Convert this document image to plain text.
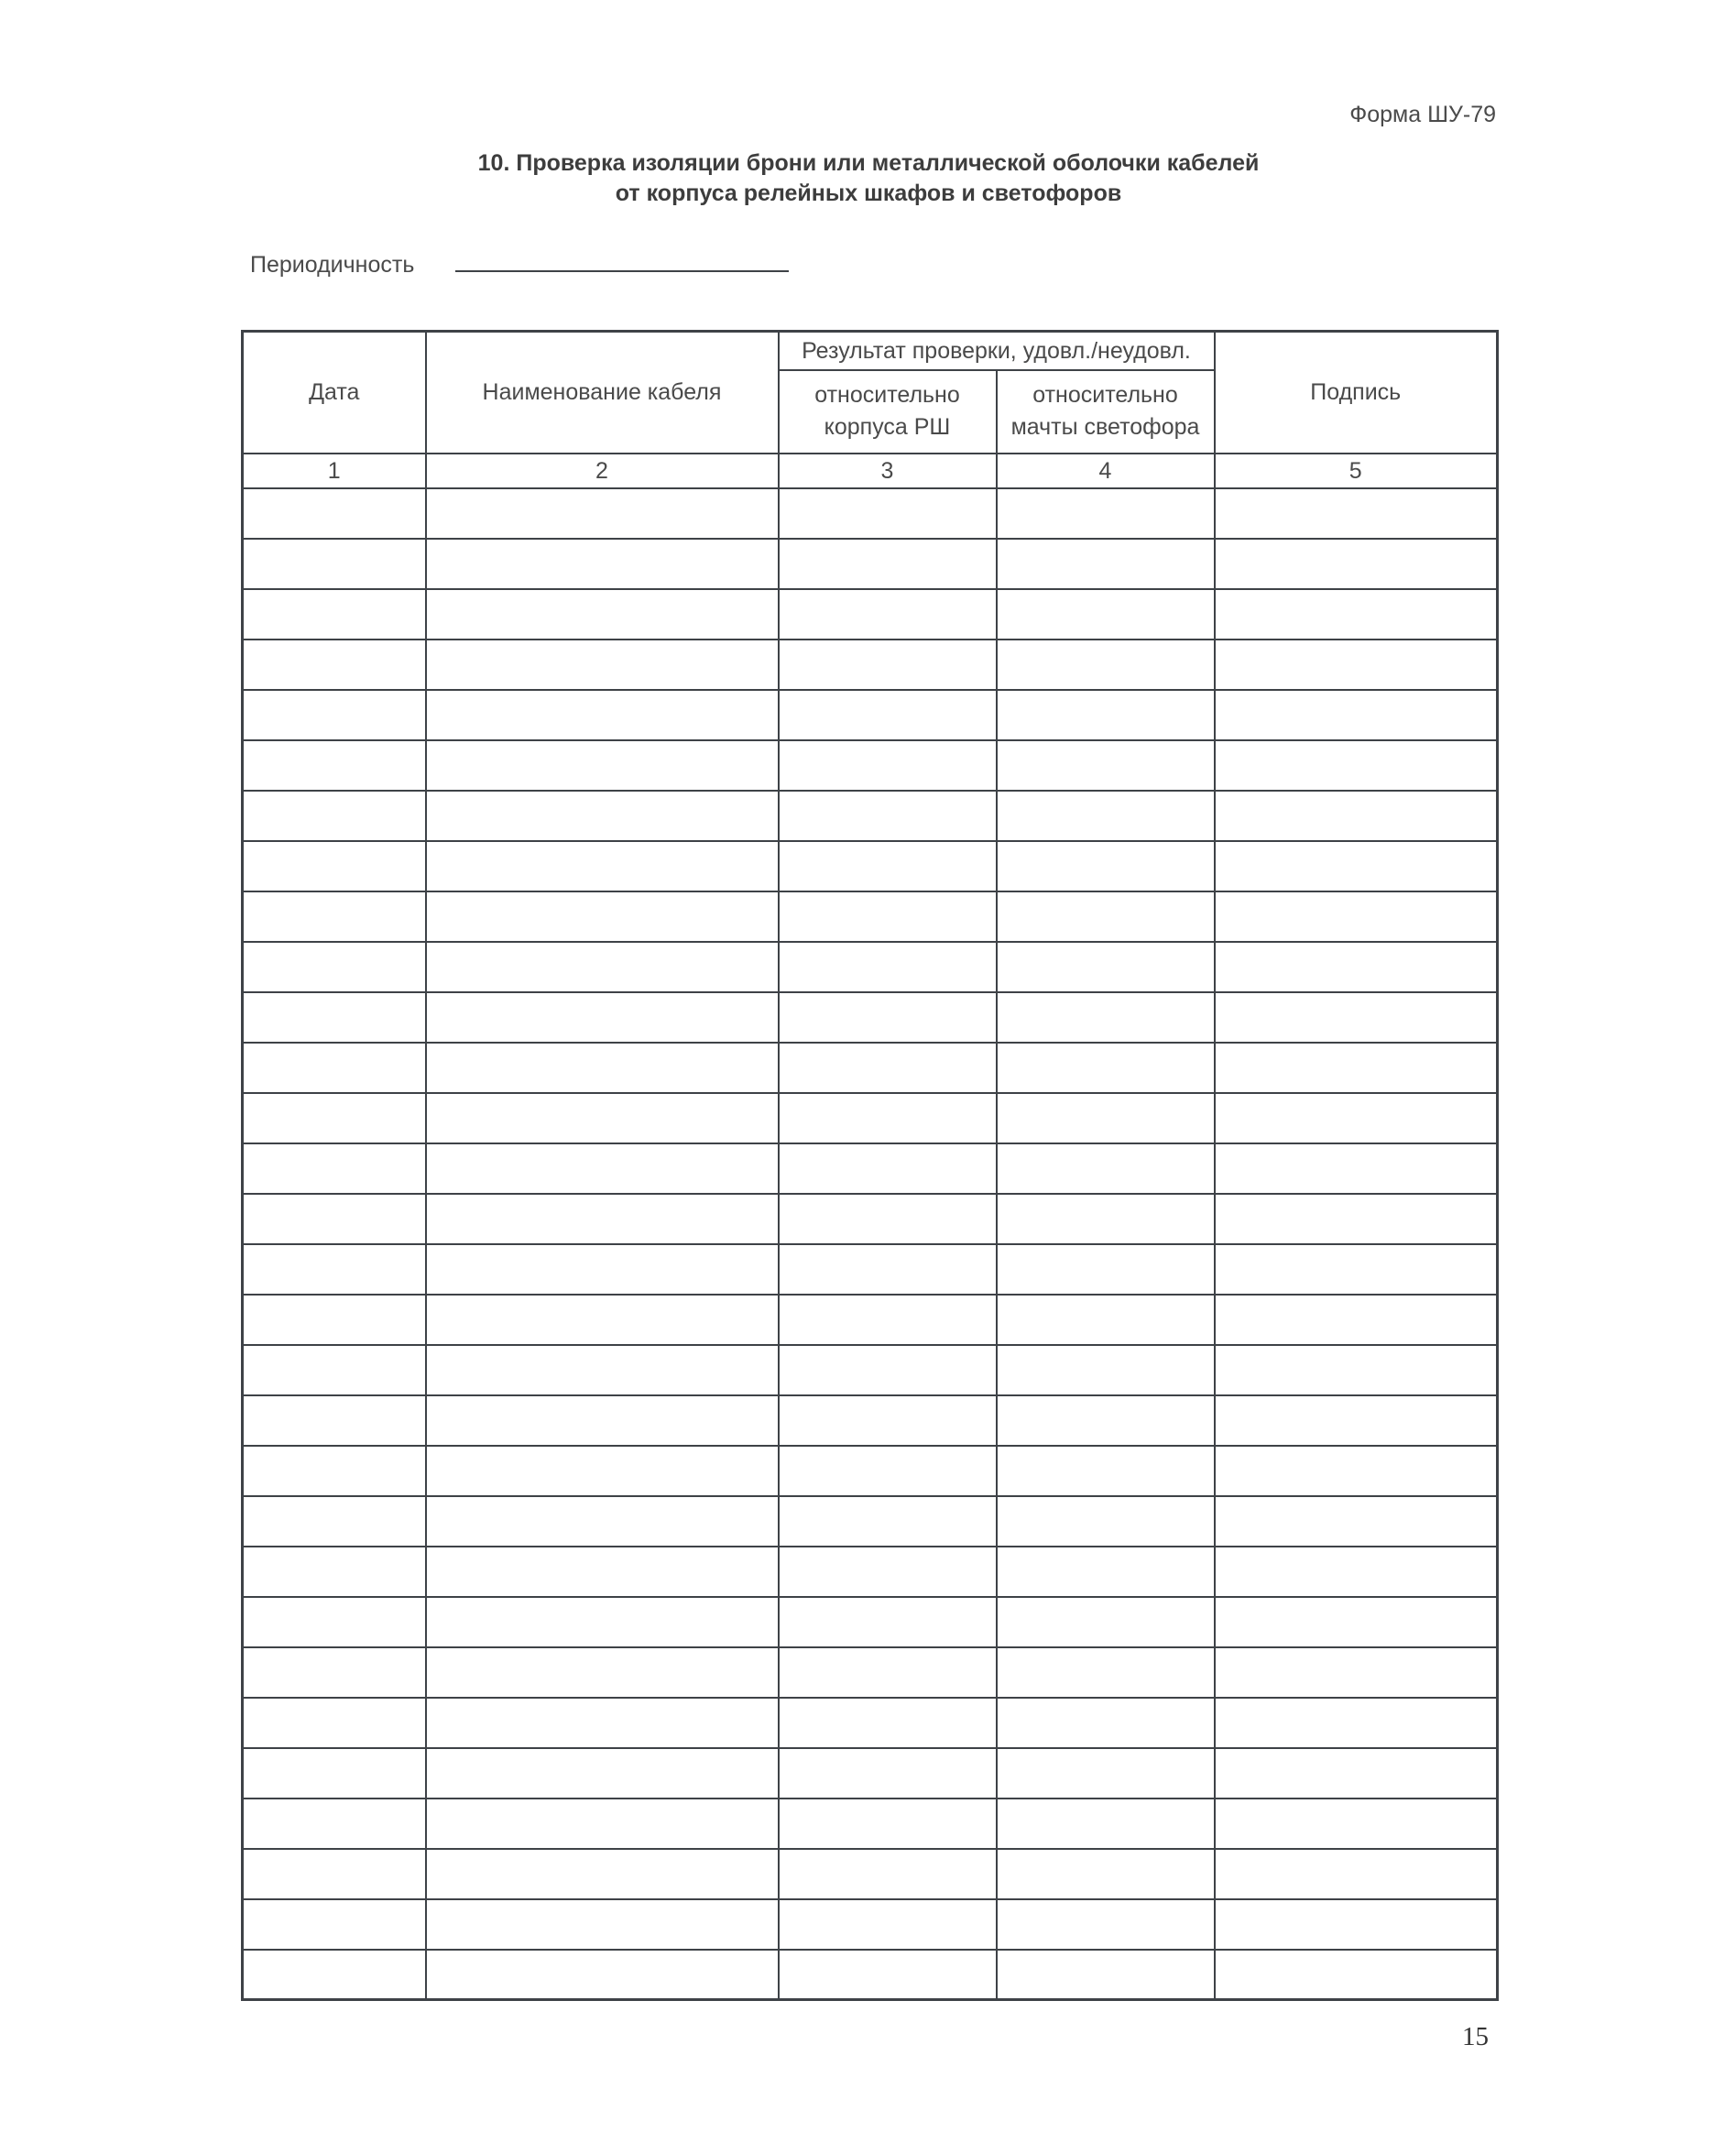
Форма ШУ-79
10. Проверка изоляции брони или металлической оболочки кабелей
от корпуса релейных шкафов и светофоров
Периодичность
Дата	Наименование кабеля	Результат проверки, удовл./неудовл.		Подпись
		относительно корпуса РШ	относительно мачты светофора	
1	2	3	4	5

15
